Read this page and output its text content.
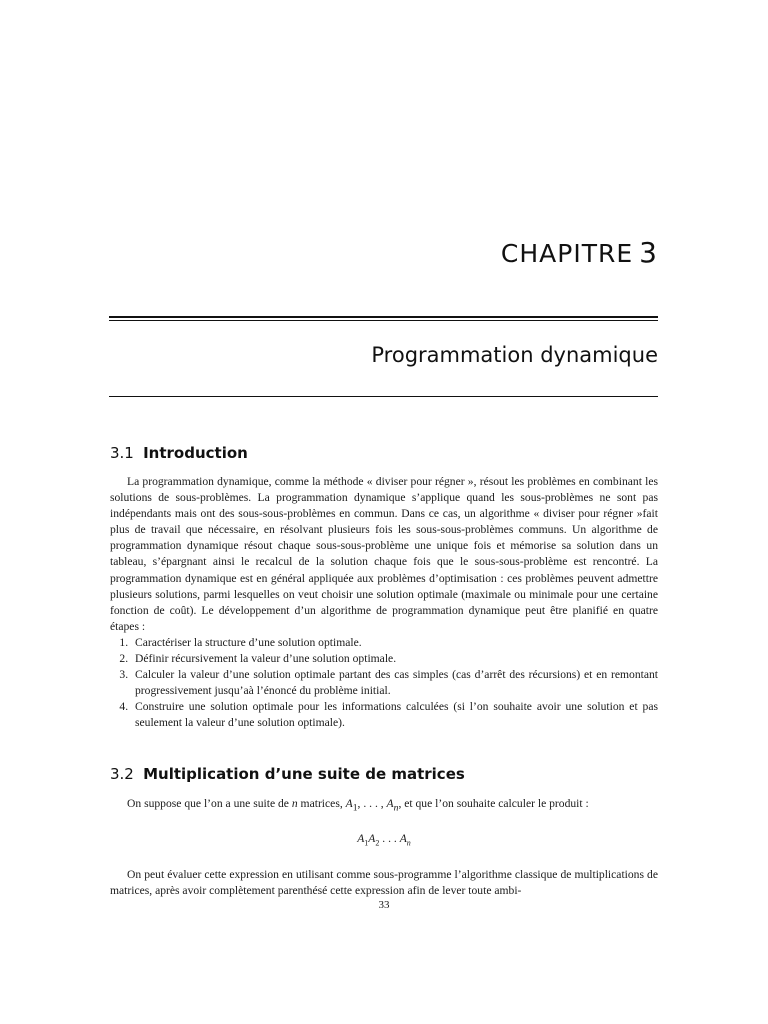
CHAPITRE 3
Programmation dynamique
3.1 Introduction

La programmation dynamique, comme la méthode « diviser pour régner », résout les problèmes en combinant les solutions de sous-problèmes. La programmation dynamique s’applique quand les sous-problèmes ne sont pas indépendants mais ont des sous-sous-problèmes en commun. Dans ce cas, un algorithme « diviser pour régner »fait plus de travail que nécessaire, en résolvant plusieurs fois les sous-sous-problèmes communs. Un algorithme de programmation dynamique résout chaque sous-sous-problème une unique fois et mémorise sa solution dans un tableau, s’épargnant ainsi le recalcul de la solution chaque fois que le sous-sous-problème est rencontré. La programmation dynamique est en général appliquée aux problèmes d’optimisation : ces problèmes peuvent admettre plusieurs solutions, parmi lesquelles on veut choisir une solution optimale (maximale ou minimale pour une certaine fonction de coût). Le développement d’un algorithme de programmation dynamique peut être planifié en quatre étapes :

1. Caractériser la structure d’une solution optimale.
2. Définir récursivement la valeur d’une solution optimale.
3. Calculer la valeur d’une solution optimale partant des cas simples (cas d’arrêt des récursions) et en remontant progressivement jusqu’aà l’énoncé du problème initial.
4. Construire une solution optimale pour les informations calculées (si l’on souhaite avoir une solution et pas seulement la valeur d’une solution optimale).
3.2 Multiplication d’une suite de matrices

On suppose que l’on a une suite de n matrices, $A_1$, . . . , $A_n$, et que l’on souhaite calculer le produit :

$A_1A_2$ . . . $A_n$

On peut évaluer cette expression en utilisant comme sous-programme l’algorithme classique de multiplications de matrices, après avoir complètement parenthésé cette expression afin de lever toute ambi-

33
